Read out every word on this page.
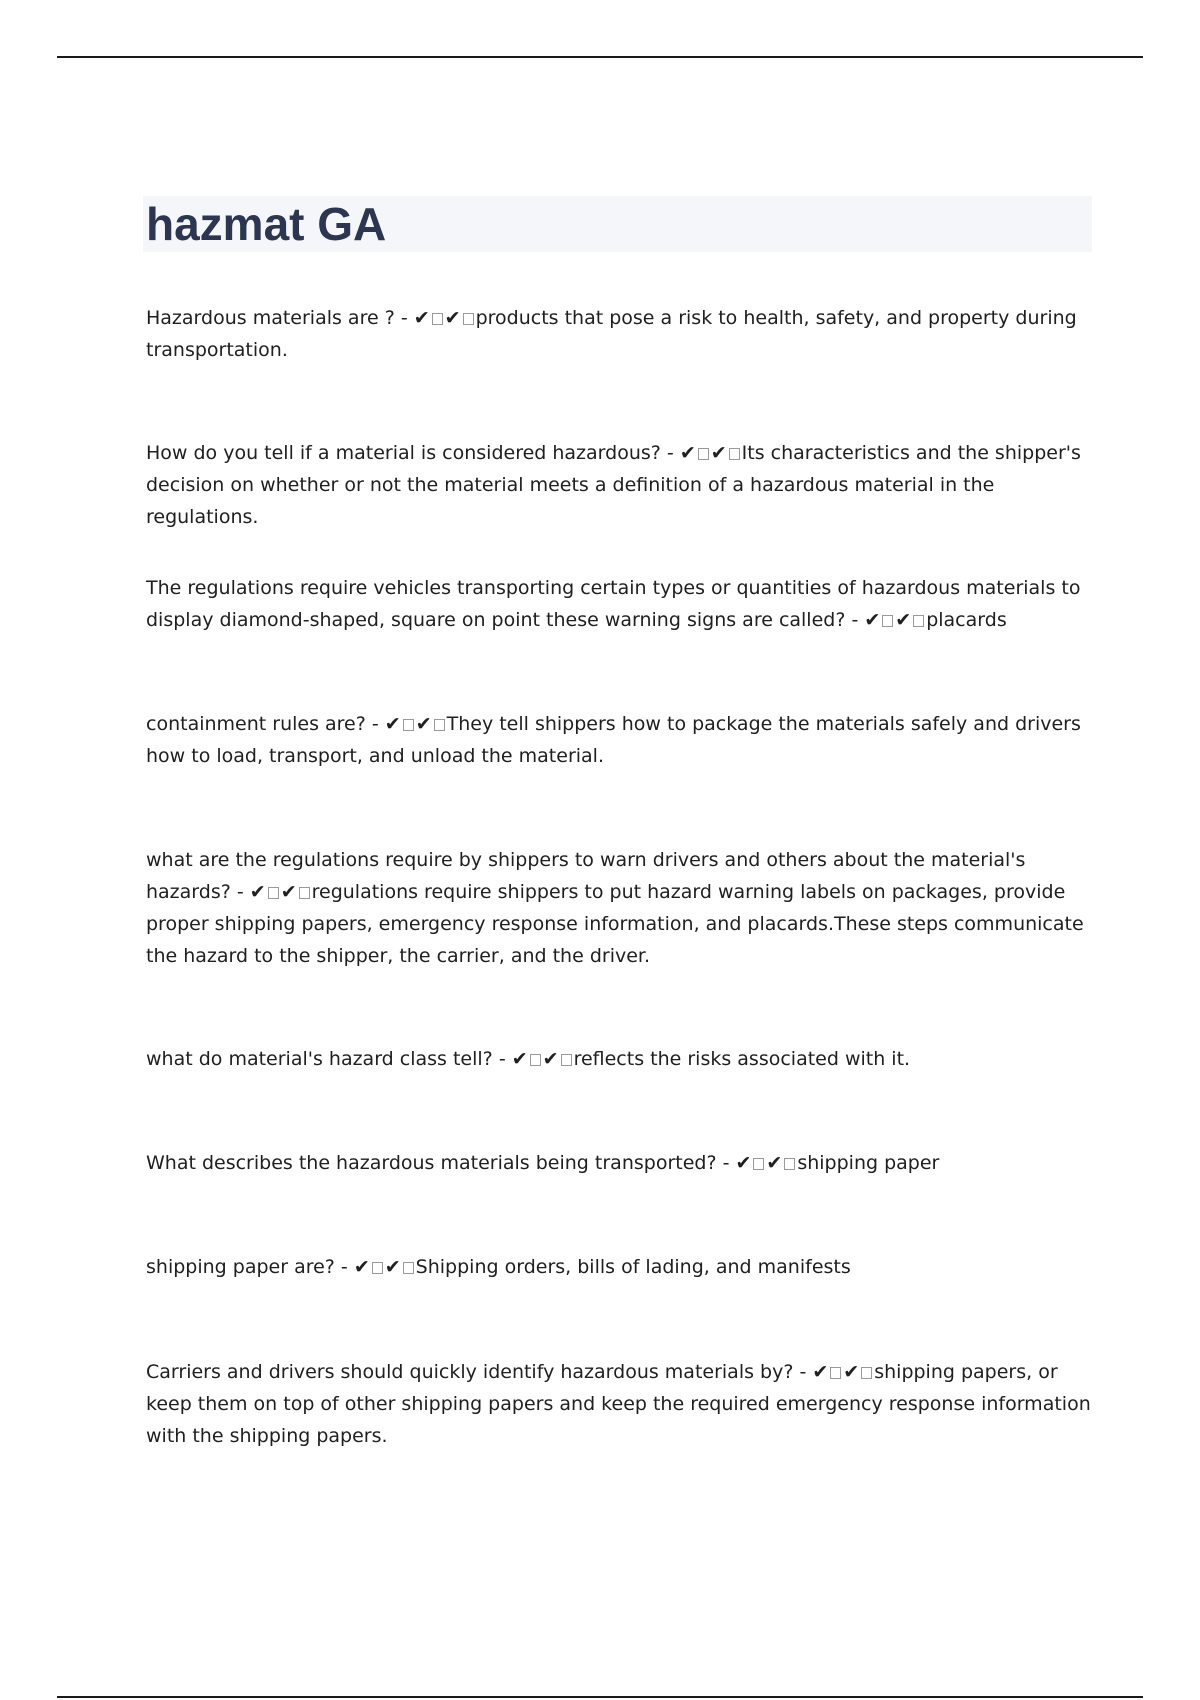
hazmat GA

Hazardous materials are ? - ✔ ✔ products that pose a risk to health, safety, and property during transportation.

How do you tell if a material is considered hazardous? - ✔ ✔ Its characteristics and the shipper's decision on whether or not the material meets a definition of a hazardous material in the regulations.

The regulations require vehicles transporting certain types or quantities of hazardous materials to display diamond-shaped, square on point these warning signs are called? - ✔ ✔ placards

containment rules are? - ✔ ✔ They tell shippers how to package the materials safely and drivers how to load, transport, and unload the material.

what are the regulations require by shippers to warn drivers and others about the material's hazards? - ✔ ✔ regulations require shippers to put hazard warning labels on packages, provide proper shipping papers, emergency response information, and placards.These steps communicate the hazard to the shipper, the carrier, and the driver.

what do material's hazard class tell? - ✔ ✔ reflects the risks associated with it.

What describes the hazardous materials being transported? - ✔ ✔ shipping paper

shipping paper are? - ✔ ✔ Shipping orders, bills of lading, and manifests

Carriers and drivers should quickly identify hazardous materials by? - ✔ ✔ shipping papers, or keep them on top of other shipping papers and keep the required emergency response information with the shipping papers.
